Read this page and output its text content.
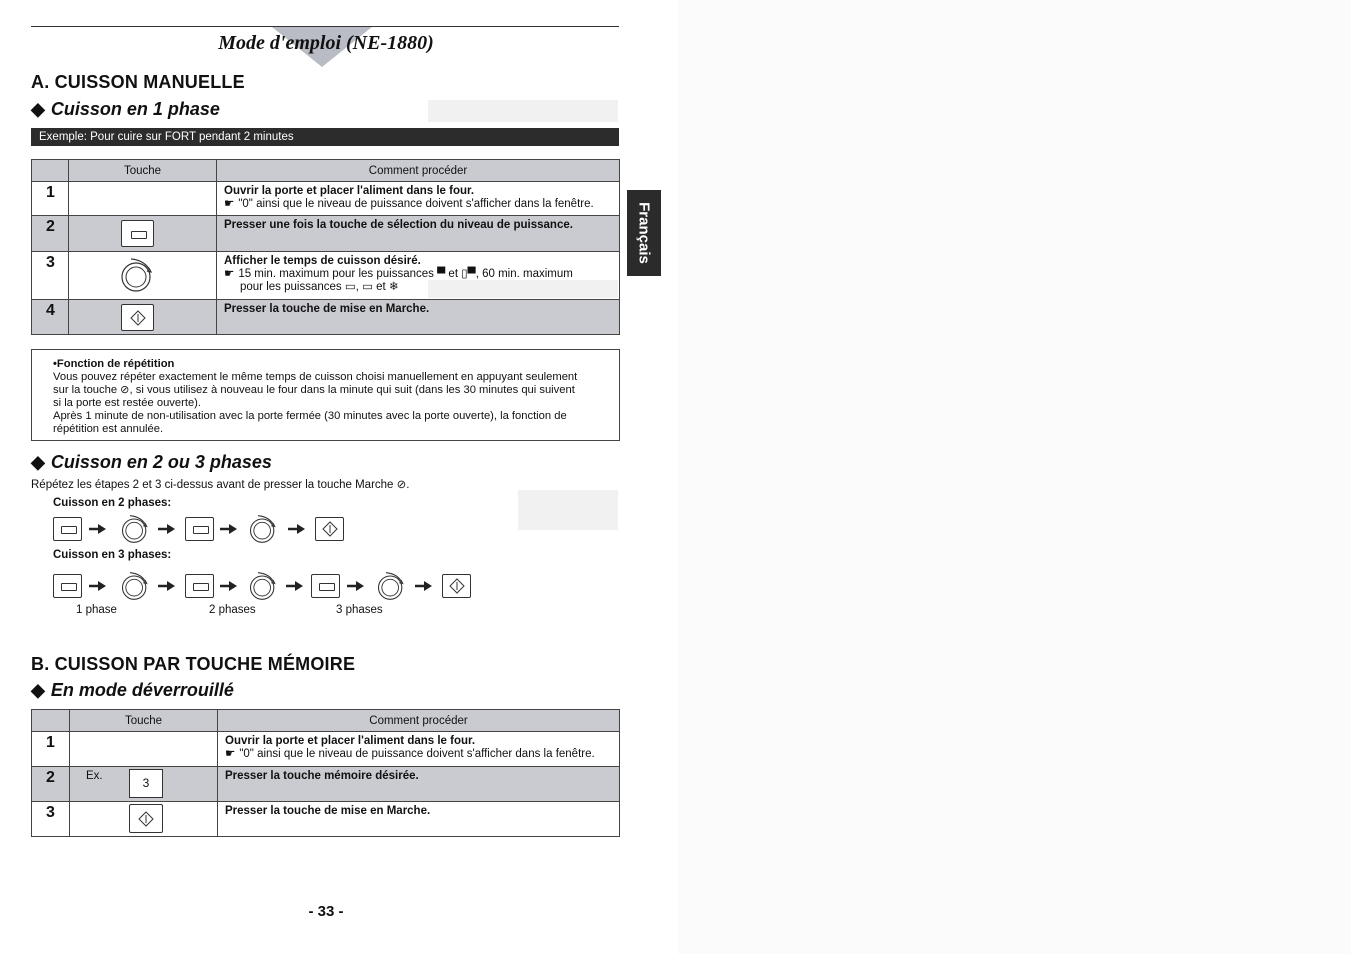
Mode d'emploi (NE-1880)
A. CUISSON MANUELLE
◆ Cuisson en 1 phase
Exemple: Pour cuire sur FORT pendant 2 minutes
	Touche	Comment procéder
1		Ouvrir la porte et placer l'aliment dans le four.
☛ "0" ainsi que le niveau de puissance doivent s'afficher dans la fenêtre.

2		Presser une fois la touche de sélection du niveau de puissance.

3		Afficher le temps de cuisson désiré.
☛ 15 min. maximum pour les puissances ▀ et ▯▀, 60 min. maximum
pour les puissances ▭, ▭ et ❄

4		Presser la touche de mise en Marche.
•Fonction de répétition
Vous pouvez répéter exactement le même temps de cuisson choisi manuellement en appuyant seulement
sur la touche ⊘, si vous utilisez à nouveau le four dans la minute qui suit (dans les 30 minutes qui suivent
si la porte est restée ouverte).
Après 1 minute de non-utilisation avec la porte fermée (30 minutes avec la porte ouverte), la fonction de
répétition est annulée.
◆ Cuisson en 2 ou 3 phases
Répétez les étapes 2 et 3 ci-dessus avant de presser la touche Marche ⊘.
Cuisson en 2 phases:
Cuisson en 3 phases:
1 phase	2 phases	3 phases
B. CUISSON PAR TOUCHE MÉMOIRE
◆ En mode déverrouillé
	Touche	Comment procéder
1		Ouvrir la porte et placer l'aliment dans le four.
☛ "0" ainsi que le niveau de puissance doivent s'afficher dans la fenêtre.

2	Ex. 3	Presser la touche mémoire désirée.

3		Presser la touche de mise en Marche.
- 33 -
Français
